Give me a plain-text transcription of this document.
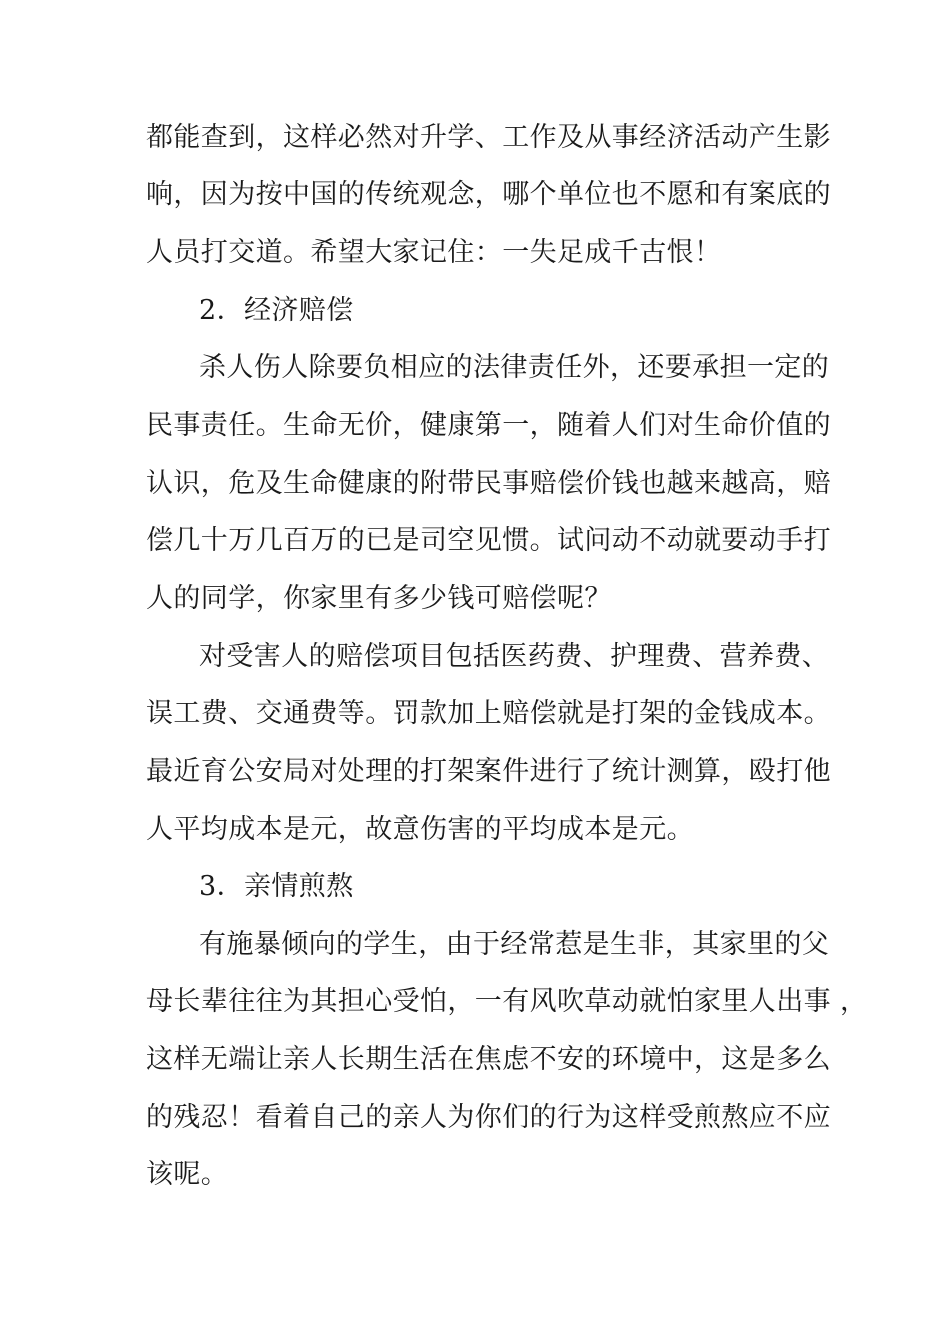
都能查到，这样必然对升学、工作及从事经济活动产生影

响，因为按中国的传统观念，哪个单位也不愿和有案底的

人员打交道。希望大家记住：一失足成千古恨！

2．经济赔偿

杀人伤人除要负相应的法律责任外，还要承担一定的

民事责任。生命无价，健康第一，随着人们对生命价值的

认识，危及生命健康的附带民事赔偿价钱也越来越高，赔

偿几十万几百万的已是司空见惯。试问动不动就要动手打

人的同学，你家里有多少钱可赔偿呢？

对受害人的赔偿项目包括医药费、护理费、营养费、

误工费、交通费等。罚款加上赔偿就是打架的金钱成本。

最近育公安局对处理的打架案件进行了统计测算，殴打他

人平均成本是元，故意伤害的平均成本是元。

3．亲情煎熬

有施暴倾向的学生，由于经常惹是生非，其家里的父

母长辈往往为其担心受怕，一有风吹草动就怕家里人出事 ，

这样无端让亲人长期生活在焦虑不安的环境中，这是多么

的残忍！看着自己的亲人为你们的行为这样受煎熬应不应

该呢。
